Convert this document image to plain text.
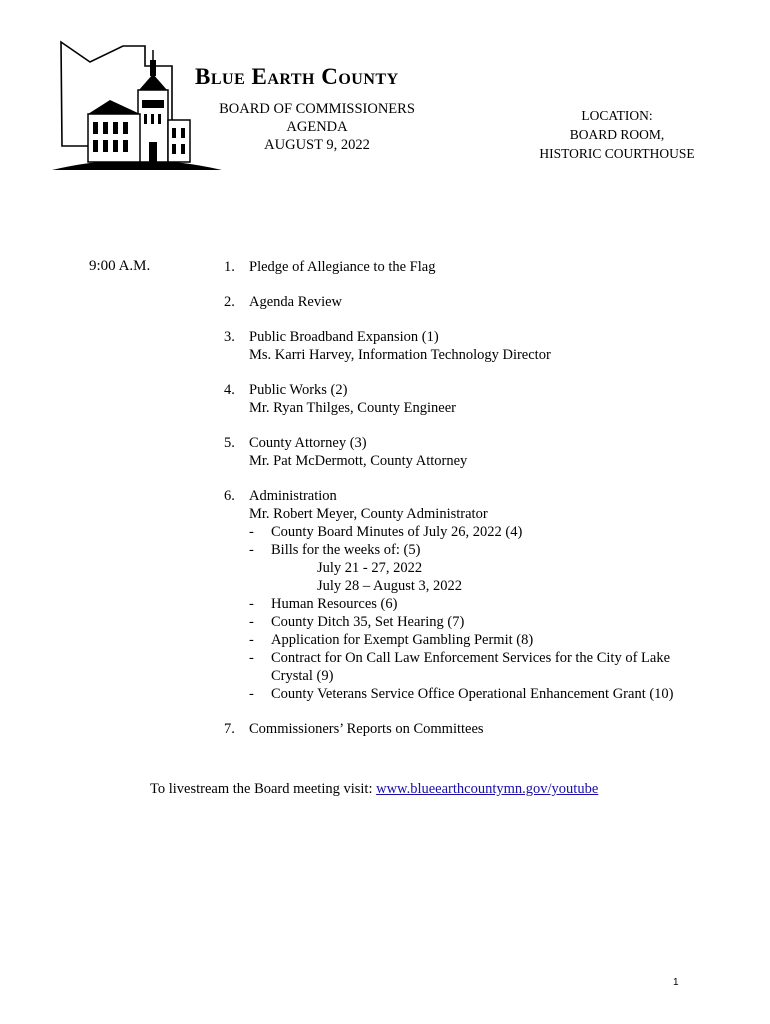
Blue Earth County
BOARD OF COMMISSIONERS
AGENDA
AUGUST 9, 2022
LOCATION:
BOARD ROOM,
HISTORIC COURTHOUSE
9:00 A.M.	1. Pledge of Allegiance to the Flag
2. Agenda Review
3. Public Broadband Expansion (1)
Ms. Karri Harvey, Information Technology Director
4. Public Works (2)
Mr. Ryan Thilges, County Engineer
5. County Attorney (3)
Mr. Pat McDermott, County Attorney
6. Administration
Mr. Robert Meyer, County Administrator
- County Board Minutes of July 26, 2022 (4)
- Bills for the weeks of: (5)
July 21 - 27, 2022
July 28 – August 3, 2022
- Human Resources (6)
- County Ditch 35, Set Hearing (7)
- Application for Exempt Gambling Permit (8)
- Contract for On Call Law Enforcement Services for the City of Lake Crystal (9)
- County Veterans Service Office Operational Enhancement Grant (10)
7. Commissioners’ Reports on Committees
To livestream the Board meeting visit: www.blueearthcountymn.gov/youtube
1
